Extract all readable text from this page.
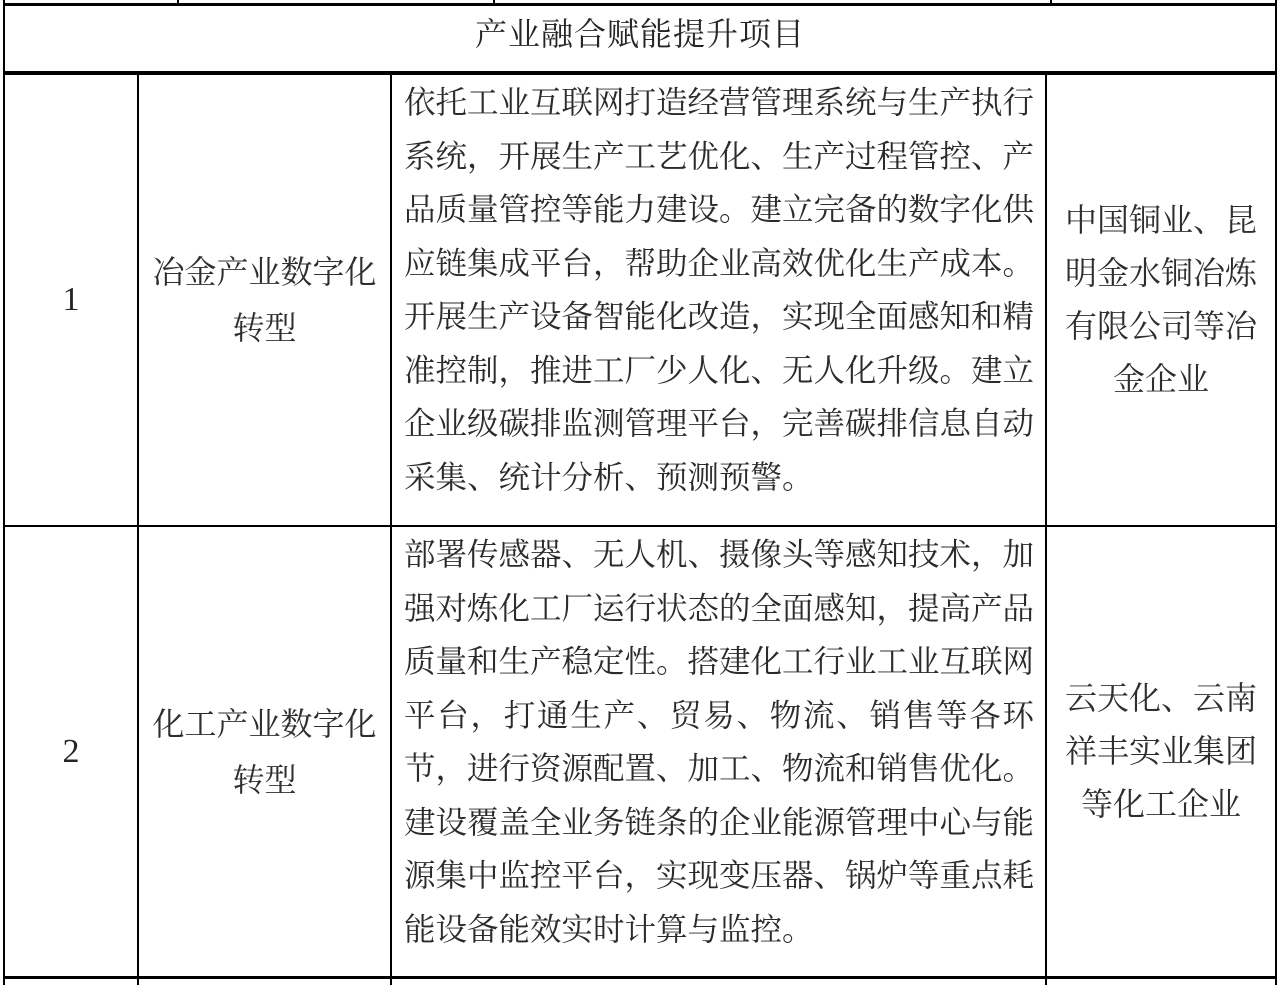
产业融合赋能提升项目
1
冶金产业数字化转型
依托工业互联网打造经营管理系统与生产执行系统，开展生产工艺优化、生产过程管控、产品质量管控等能力建设。建立完备的数字化供应链集成平台，帮助企业高效优化生产成本。开展生产设备智能化改造，实现全面感知和精准控制，推进工厂少人化、无人化升级。建立企业级碳排监测管理平台，完善碳排信息自动采集、统计分析、预测预警。
中国铜业、昆明金水铜冶炼有限公司等冶金企业
2
化工产业数字化转型
部署传感器、无人机、摄像头等感知技术，加强对炼化工厂运行状态的全面感知，提高产品质量和生产稳定性。搭建化工行业工业互联网平台，打通生产、贸易、物流、销售等各环节，进行资源配置、加工、物流和销售优化。建设覆盖全业务链条的企业能源管理中心与能源集中监控平台，实现变压器、锅炉等重点耗能设备能效实时计算与监控。
云天化、云南祥丰实业集团等化工企业
